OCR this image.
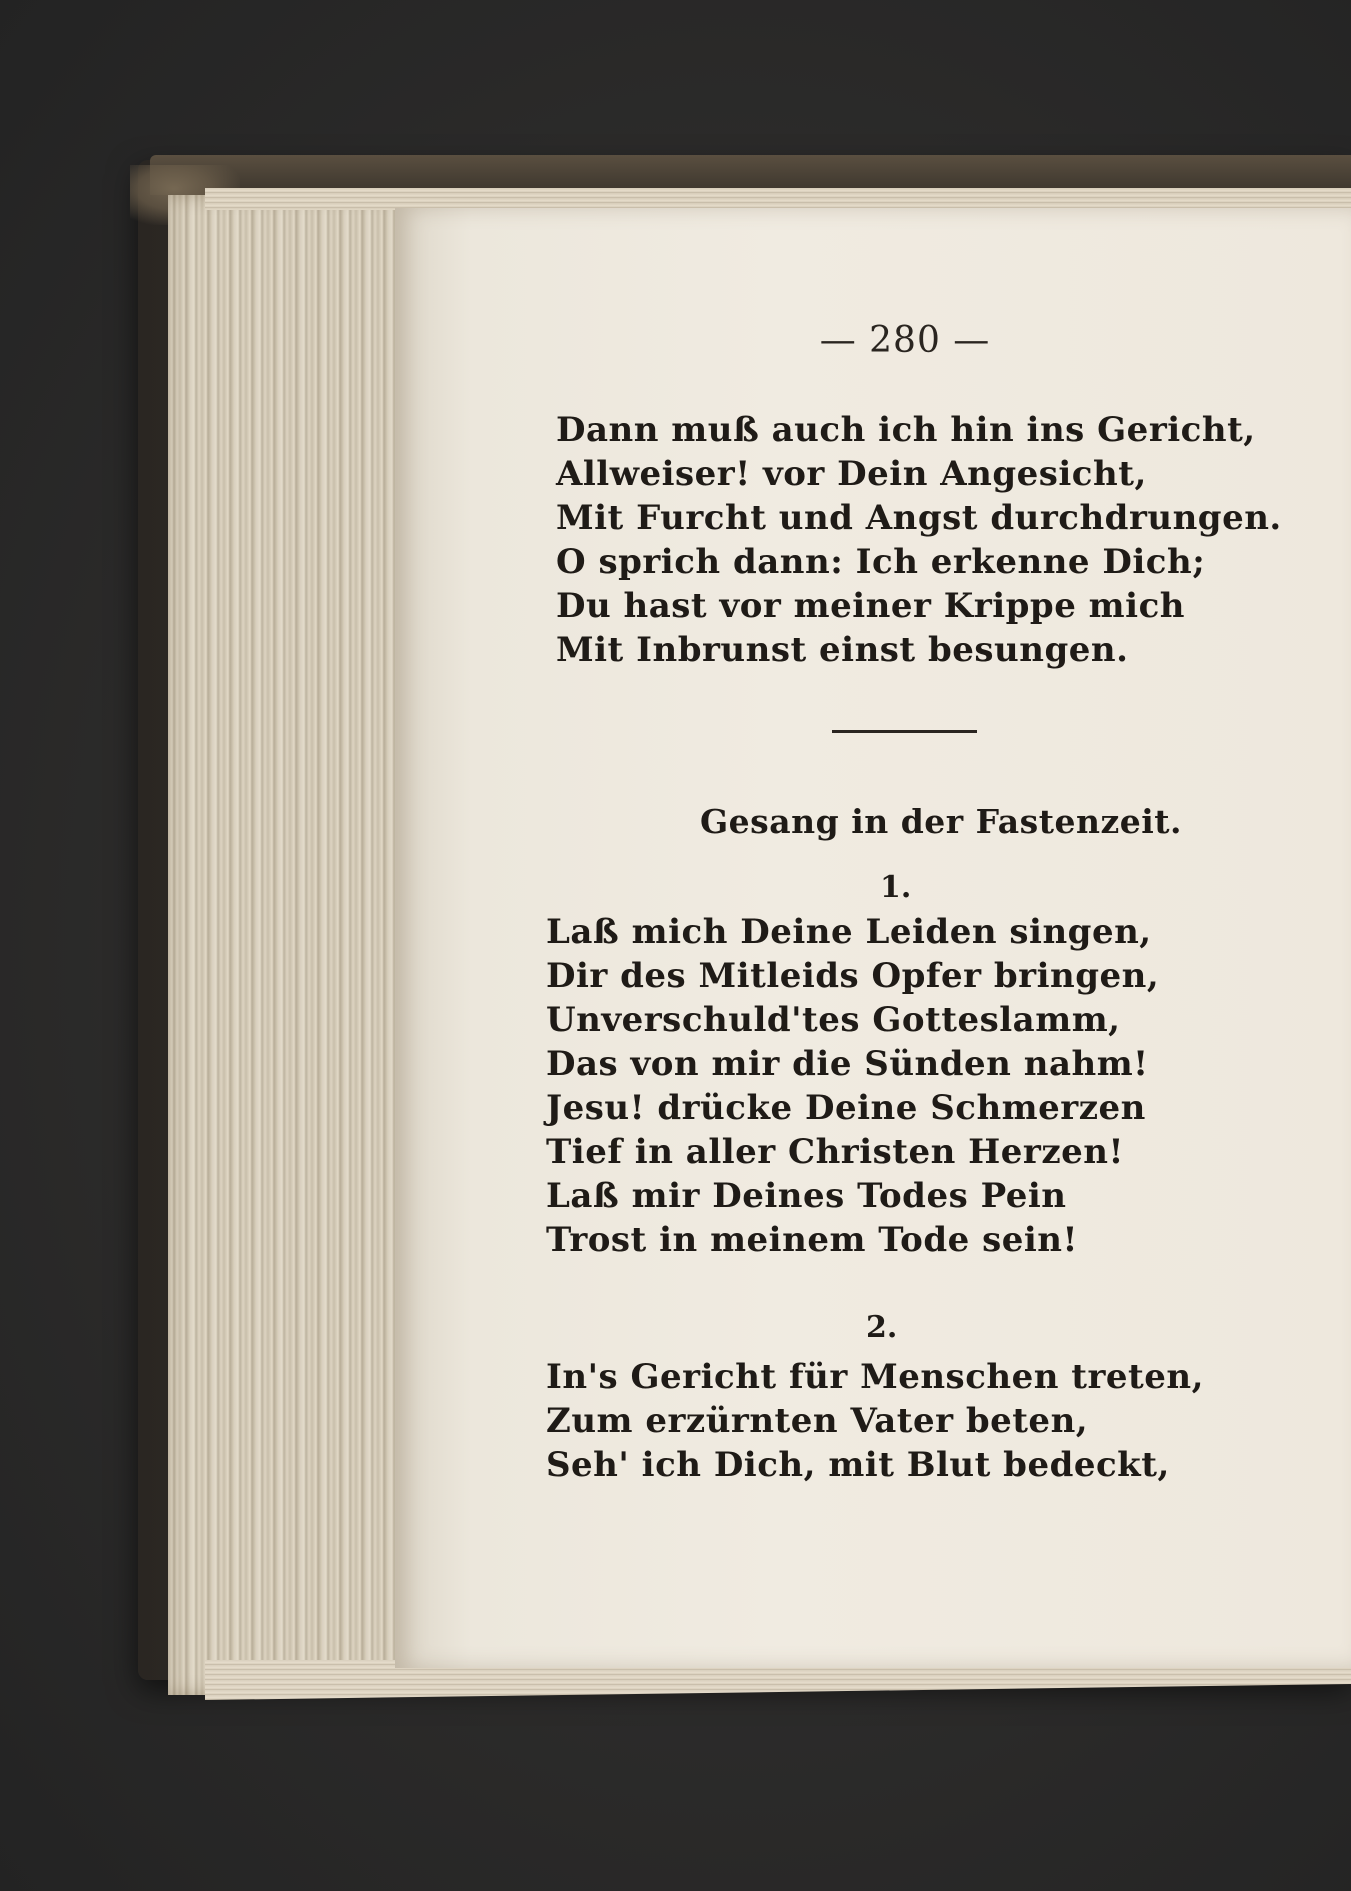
— 280 —
Dann muß auch ich hin ins Gericht,
Allweiser! vor Dein Angesicht,
Mit Furcht und Angst durchdrungen.
O sprich dann: Ich erkenne Dich;
Du hast vor meiner Krippe mich
Mit Inbrunst einst besungen.
Gesang in der Fastenzeit.
1.
Laß mich Deine Leiden singen,
Dir des Mitleids Opfer bringen,
Unverschuld'tes Gotteslamm,
Das von mir die Sünden nahm!
Jesu! drücke Deine Schmerzen
Tief in aller Christen Herzen!
Laß mir Deines Todes Pein
Trost in meinem Tode sein!
2.
In's Gericht für Menschen treten,
Zum erzürnten Vater beten,
Seh' ich Dich, mit Blut bedeckt,
